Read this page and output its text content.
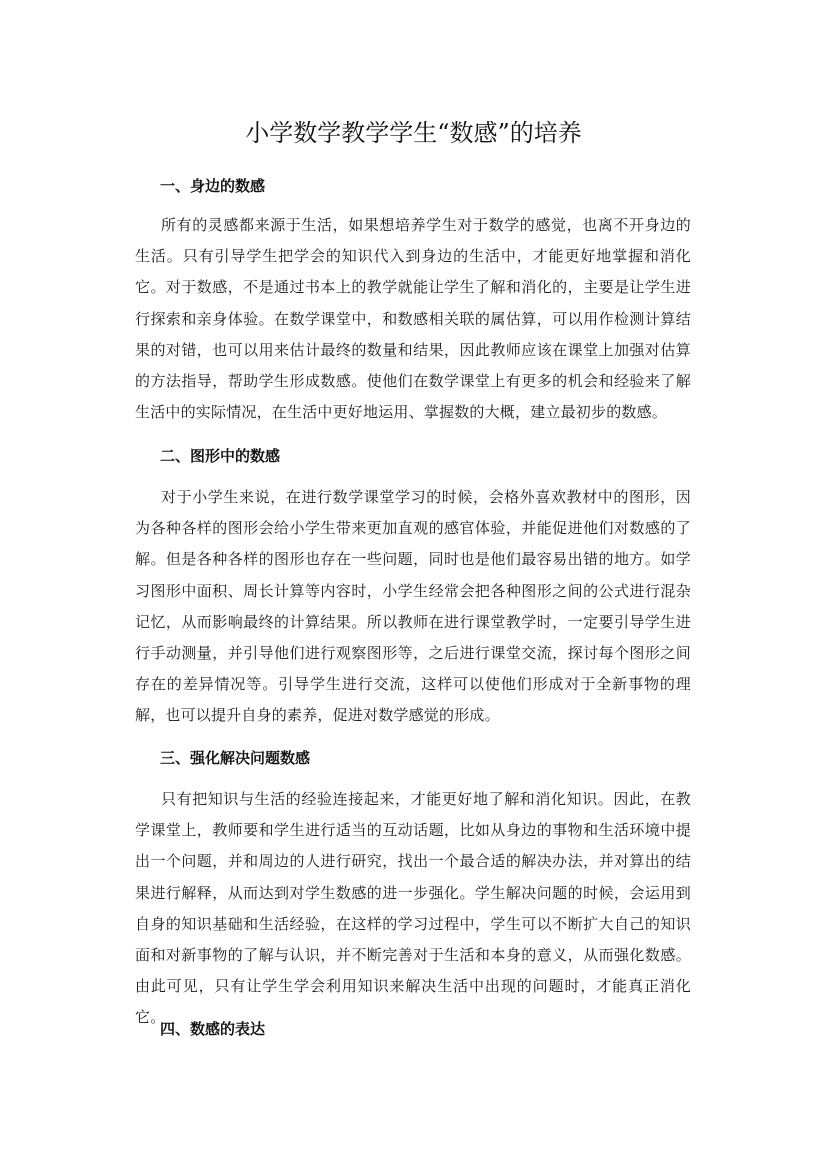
小学数学教学学生“数感”的培养
一、身边的数感
所有的灵感都来源于生活，如果想培养学生对于数学的感觉，也离不开身边的生活。只有引导学生把学会的知识代入到身边的生活中，才能更好地掌握和消化它。对于数感，不是通过书本上的教学就能让学生了解和消化的，主要是让学生进行探索和亲身体验。在数学课堂中，和数感相关联的属估算，可以用作检测计算结果的对错，也可以用来估计最终的数量和结果，因此教师应该在课堂上加强对估算的方法指导，帮助学生形成数感。使他们在数学课堂上有更多的机会和经验来了解生活中的实际情况，在生活中更好地运用、掌握数的大概，建立最初步的数感。
二、图形中的数感
对于小学生来说，在进行数学课堂学习的时候，会格外喜欢教材中的图形，因为各种各样的图形会给小学生带来更加直观的感官体验，并能促进他们对数感的了解。但是各种各样的图形也存在一些问题，同时也是他们最容易出错的地方。如学习图形中面积、周长计算等内容时，小学生经常会把各种图形之间的公式进行混杂记忆，从而影响最终的计算结果。所以教师在进行课堂教学时，一定要引导学生进行手动测量，并引导他们进行观察图形等，之后进行课堂交流，探讨每个图形之间存在的差异情况等。引导学生进行交流，这样可以使他们形成对于全新事物的理解，也可以提升自身的素养，促进对数学感觉的形成。
三、强化解决问题数感
只有把知识与生活的经验连接起来，才能更好地了解和消化知识。因此，在教学课堂上，教师要和学生进行适当的互动话题，比如从身边的事物和生活环境中提出一个问题，并和周边的人进行研究，找出一个最合适的解决办法，并对算出的结果进行解释，从而达到对学生数感的进一步强化。学生解决问题的时候，会运用到自身的知识基础和生活经验，在这样的学习过程中，学生可以不断扩大自己的知识面和对新事物的了解与认识，并不断完善对于生活和本身的意义，从而强化数感。由此可见，只有让学生学会利用知识来解决生活中出现的问题时，才能真正消化它。
四、数感的表达
